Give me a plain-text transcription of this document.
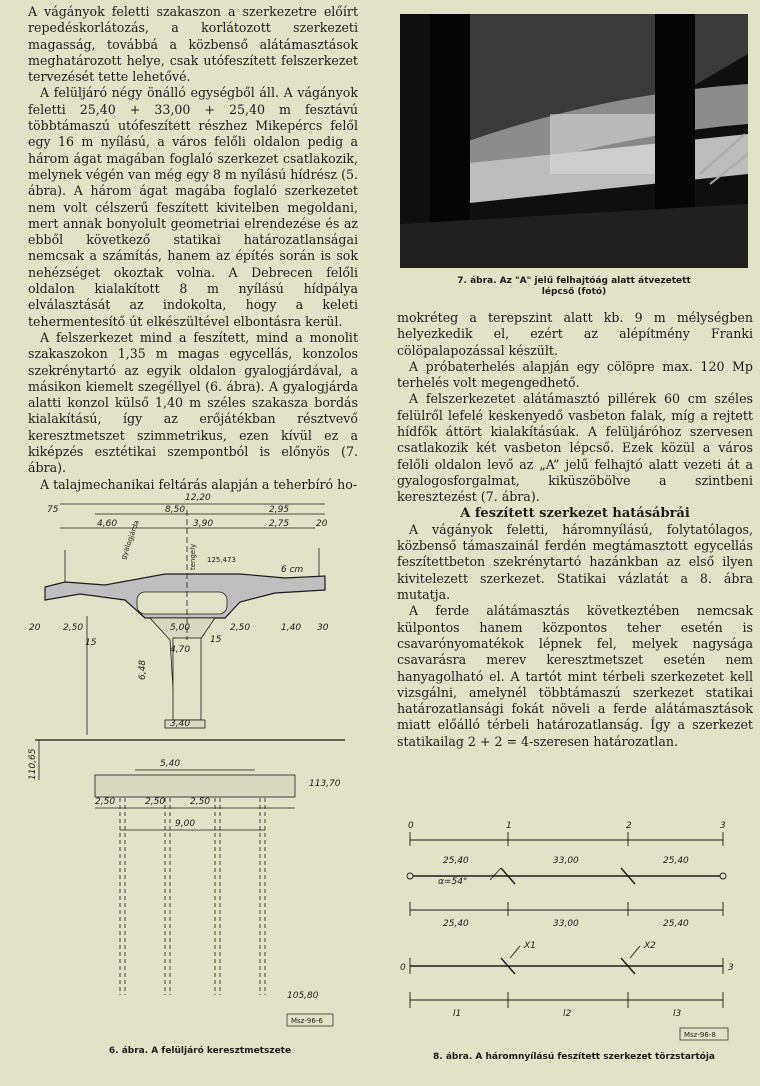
A vágányok feletti szakaszon a szerkezetre előírt repedéskorlátozás, a korlátozott szerkezeti magasság, továbbá a közbenső alátámasztások meghatározott helye, csak utófeszített felszerkezet tervezését tette lehetővé.

A felüljáró négy önálló egységből áll. A vágányok feletti 25,40 + 33,00 + 25,40 m fesztávú többtámaszú utófeszített részhez Mikepércs felől egy 16 m nyílású, a város felőli oldalon pedig a három ágat magában foglaló szerkezet csatlakozik, melynek végén van még egy 8 m nyílású hídrész (5. ábra). A három ágat magába foglaló szerkezetet nem volt célszerű feszített kivitelben megoldani, mert annak bonyolult geometriai elrendezése és az ebből következő statikai határozatlanságai nemcsak a számítás, hanem az építés során is sok nehézséget okoztak volna. A Debrecen felőli oldalon kialakított 8 m nyílású hídpálya elválasztását az indokolta, hogy a keleti tehermentesítő út elkészültével elbontásra kerül.

A felszerkezet mind a feszített, mind a monolit szakaszokon 1,35 m magas egycellás, konzolos szekrénytartó az egyik oldalon gyalogjárdával, a másikon kiemelt szegéllyel (6. ábra). A gyalogjárda alatti konzol külső 1,40 m széles szakasza bordás kialakítású, így az erőjátékban résztvevő keresztmetszet szimmetrikus, ezen kívül ez a kiképzés esztétikai szempontból is előnyös (7. ábra).

A talajmechanikai feltárás alapján a teherbíró ho-

7. ábra. Az "A" jelű felhajtóág alatt átvezetett
lépcső (fotó)

mokréteg a terepszint alatt kb. 9 m mélységben helyezkedik el, ezért az alépítmény Franki cölöpalapozással készült.

A próbaterhelés alapján egy cölöpre max. 120 Mp terhelés volt megengedhető.

A felszerkezetet alátámasztó pillérek 60 cm széles felülről lefelé keskenyedő vasbeton falak, míg a rejtett hídfők áttört kialakításúak. A felüljáróhoz szervesen csatlakozik két vasbeton lépcső. Ezek közül a város felőli oldalon levő az „A” jelű felhajtó alatt vezeti át a gyalogosforgalmat, kiküszöbölve a szintbeni keresztezést (7. ábra).

A feszített szerkezet hatásábrái

A vágányok feletti, háromnyílású, folytatólagos, közbenső támaszainál ferdén megtámasztott egycellás feszítettbeton szekrénytartó hazánkban az első ilyen kivitelezett szerkezet. Statikai vázlatát a 8. ábra mutatja.

A ferde alátámasztás következtében nemcsak külpontos hanem központos teher esetén is csavarónyomatékok lépnek fel, melyek nagysága csavarásra merev keresztmetszet esetén nem hanyagolható el. A tartót mint térbeli szerkezetet kell vizsgálni, amelynél többtámaszú szerkezet statikai határozatlansági fokát növeli a ferde alátámasztások miatt előálló térbeli határozatlanság. Így a szerkezet statikailag 2 + 2 = 4-szeresen határozatlan.

12,20
8,50
75
4,60	3,90
2,95
2,75	20
125,473
gyalogjárda	tengely	6 cm
20	2,50
15
5,00
15
2,50	1,40 30
4,70
6,48
3,40
110,65	5,40
113,70
2,50	2,50	2,50
9,00
105,80
Msz-96-6
6. ábra. A felüljáró keresztmetszete
0	1	2	3
25,40	33,00	25,40
α=54°
25,40	33,00	25,40
X1	X2
0	3
l1	l2	l3
Msz-96-8
8. ábra. A háromnyílású feszített szerkezet törzstartója
